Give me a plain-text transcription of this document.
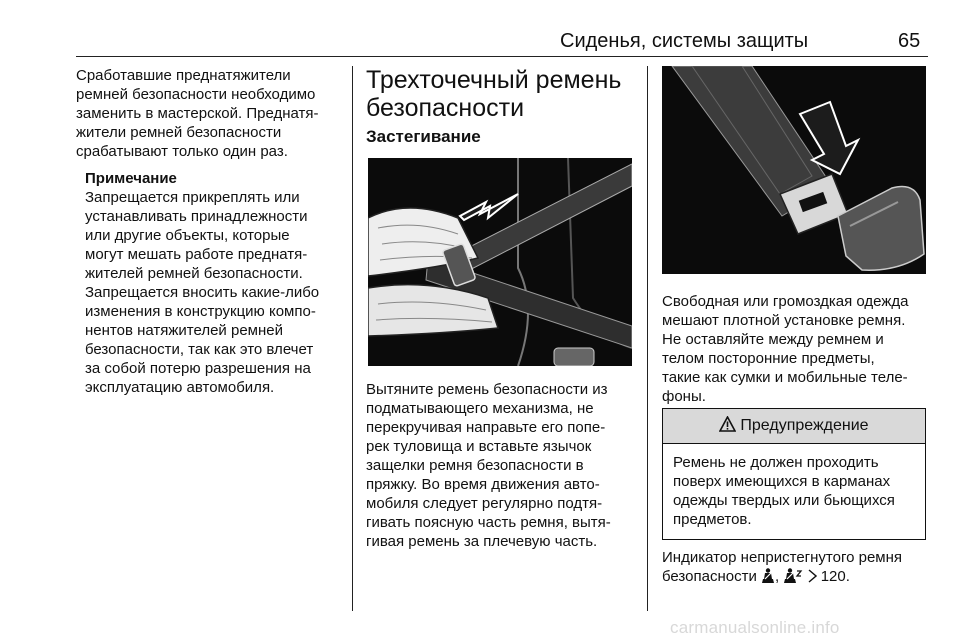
Сиденья, системы защиты	65

Сработавшие преднатяжители

ремней безопасности необходимо

заменить в мастерской. Преднатя-

жители ремней безопасности

срабатывают только один раз.

Примечание

Запрещается прикреплять или

устанавливать принадлежности

или другие объекты, которые

могут мешать работе преднатя-

жителей ремней безопасности.

Запрещается вносить какие-либо

изменения в конструкцию компо-

нентов натяжителей ремней

безопасности, так как это влечет

за собой потерю разрешения на

эксплуатацию автомобиля.

Трехточечный ремень
безопасности
Застегивание

Вытяните ремень безопасности из

подматывающего механизма, не

перекручивая направьте его попе-

рек туловища и вставьте язычок

защелки ремня безопасности в

пряжку. Во время движения авто-

мобиля следует регулярно подтя-

гивать поясную часть ремня, вытя-

гивая ремень за плечевую часть.

Свободная или громоздкая одежда

мешают плотной установке ремня.

Не оставляйте между ремнем и

телом посторонние предметы,

такие как сумки и мобильные теле-

фоны.

Предупреждение

Ремень не должен проходить

поверх имеющихся в карманах

одежды твердых или бьющихся

предметов.

Индикатор непристегнутого ремня

безопасности ,	120.

carmanualsonline.info
